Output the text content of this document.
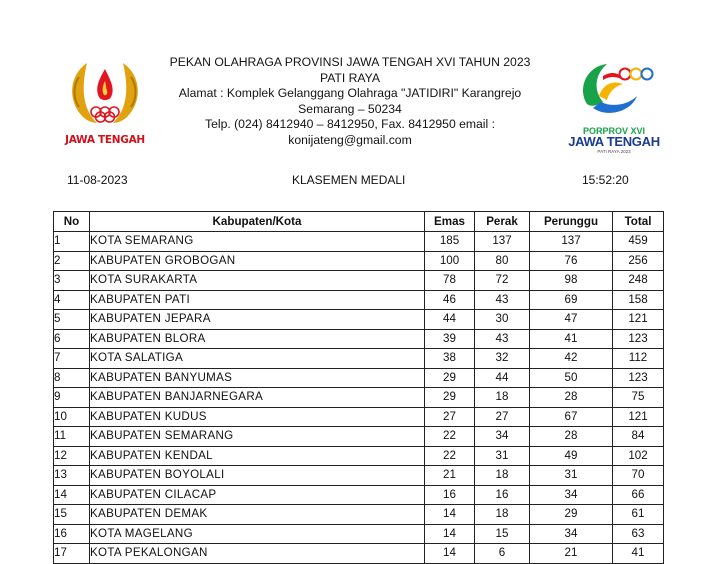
JAWA TENGAH
PEKAN OLAHRAGA PROVINSI JAWA TENGAH XVI TAHUN 2023
PATI RAYA
Alamat : Komplek Gelanggang Olahraga "JATIDIRI" Karangrejo
Semarang – 50234
Telp. (024) 8412940 – 8412950, Fax. 8412950 email :
konijateng@gmail.com
PORPROV XVI
JAWA TENGAH
PATI RAYA 2023
11-08-2023	KLASEMEN MEDALI	15:52:20
No	Kabupaten/Kota	Emas	Perak	Perunggu	Total
1	KOTA SEMARANG	185	137	137	459
2	KABUPATEN GROBOGAN	100	80	76	256
3	KOTA SURAKARTA	78	72	98	248
4	KABUPATEN PATI	46	43	69	158
5	KABUPATEN JEPARA	44	30	47	121
6	KABUPATEN BLORA	39	43	41	123
7	KOTA SALATIGA	38	32	42	112
8	KABUPATEN BANYUMAS	29	44	50	123
9	KABUPATEN BANJARNEGARA	29	18	28	75
10	KABUPATEN KUDUS	27	27	67	121
11	KABUPATEN SEMARANG	22	34	28	84
12	KABUPATEN KENDAL	22	31	49	102
13	KABUPATEN BOYOLALI	21	18	31	70
14	KABUPATEN CILACAP	16	16	34	66
15	KABUPATEN DEMAK	14	18	29	61
16	KOTA MAGELANG	14	15	34	63
17	KOTA PEKALONGAN	14	6	21	41
